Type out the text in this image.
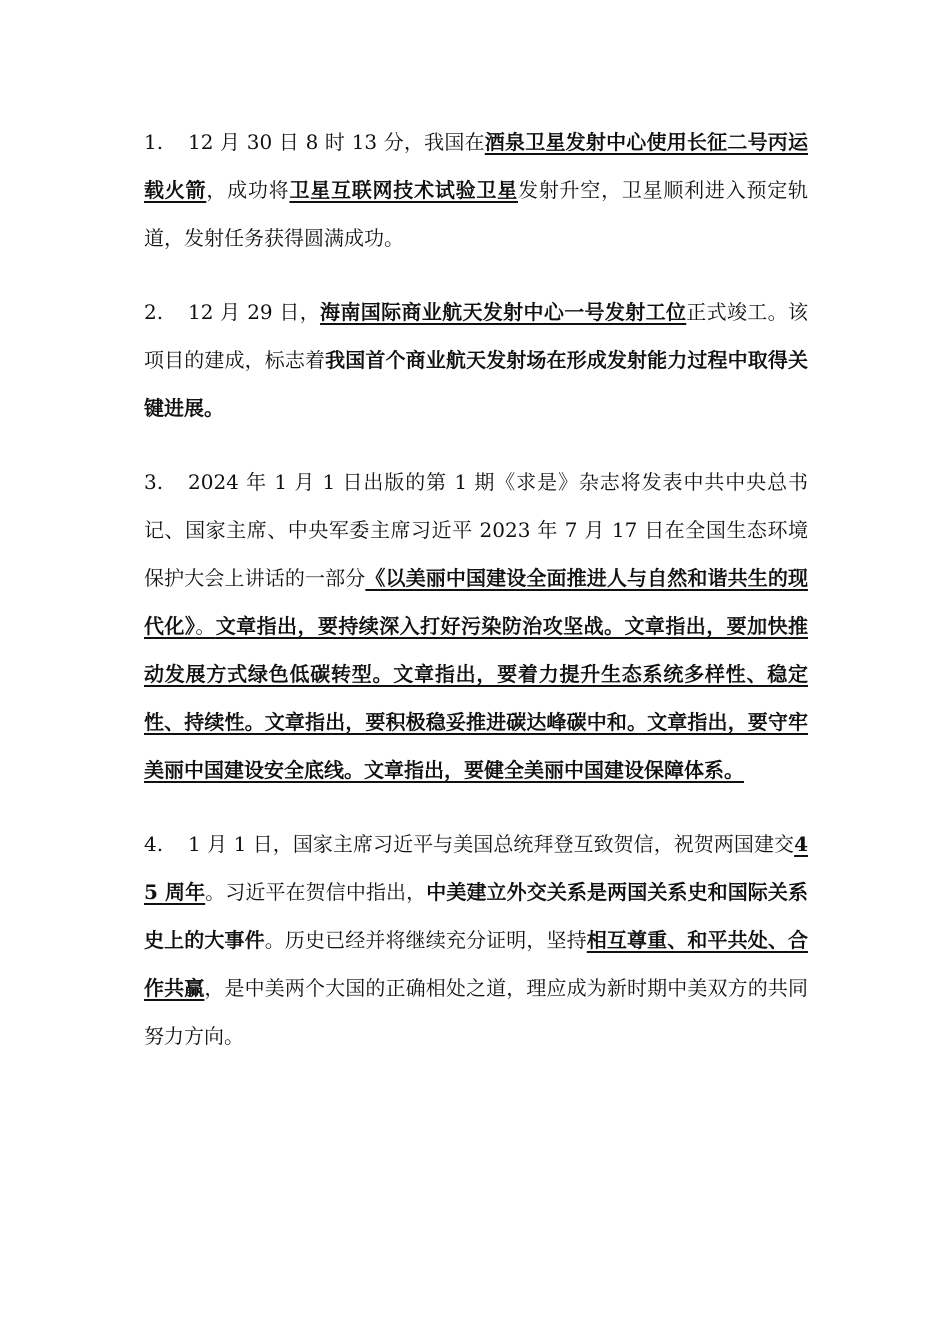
1. 12 月 30 日 8 时 13 分，我国在酒泉卫星发射中心使用长征二号丙运载火箭，成功将卫星互联网技术试验卫星发射升空，卫星顺利进入预定轨道，发射任务获得圆满成功。

2. 12 月 29 日，海南国际商业航天发射中心一号发射工位正式竣工。该项目的建成，标志着我国首个商业航天发射场在形成发射能力过程中取得关键进展。

3. 2024 年 1 月 1 日出版的第 1 期《求是》杂志将发表中共中央总书记、国家主席、中央军委主席习近平 2023 年 7 月 17 日在全国生态环境保护大会上讲话的一部分《以美丽中国建设全面推进人与自然和谐共生的现代化》。文章指出，要持续深入打好污染防治攻坚战。文章指出，要加快推动发展方式绿色低碳转型。文章指出，要着力提升生态系统多样性、稳定性、持续性。文章指出，要积极稳妥推进碳达峰碳中和。文章指出，要守牢美丽中国建设安全底线。文章指出，要健全美丽中国建设保障体系。

4. 1 月 1 日，国家主席习近平与美国总统拜登互致贺信，祝贺两国建交45 周年。习近平在贺信中指出，中美建立外交关系是两国关系史和国际关系史上的大事件。历史已经并将继续充分证明，坚持相互尊重、和平共处、合作共赢，是中美两个大国的正确相处之道，理应成为新时期中美双方的共同努力方向。
